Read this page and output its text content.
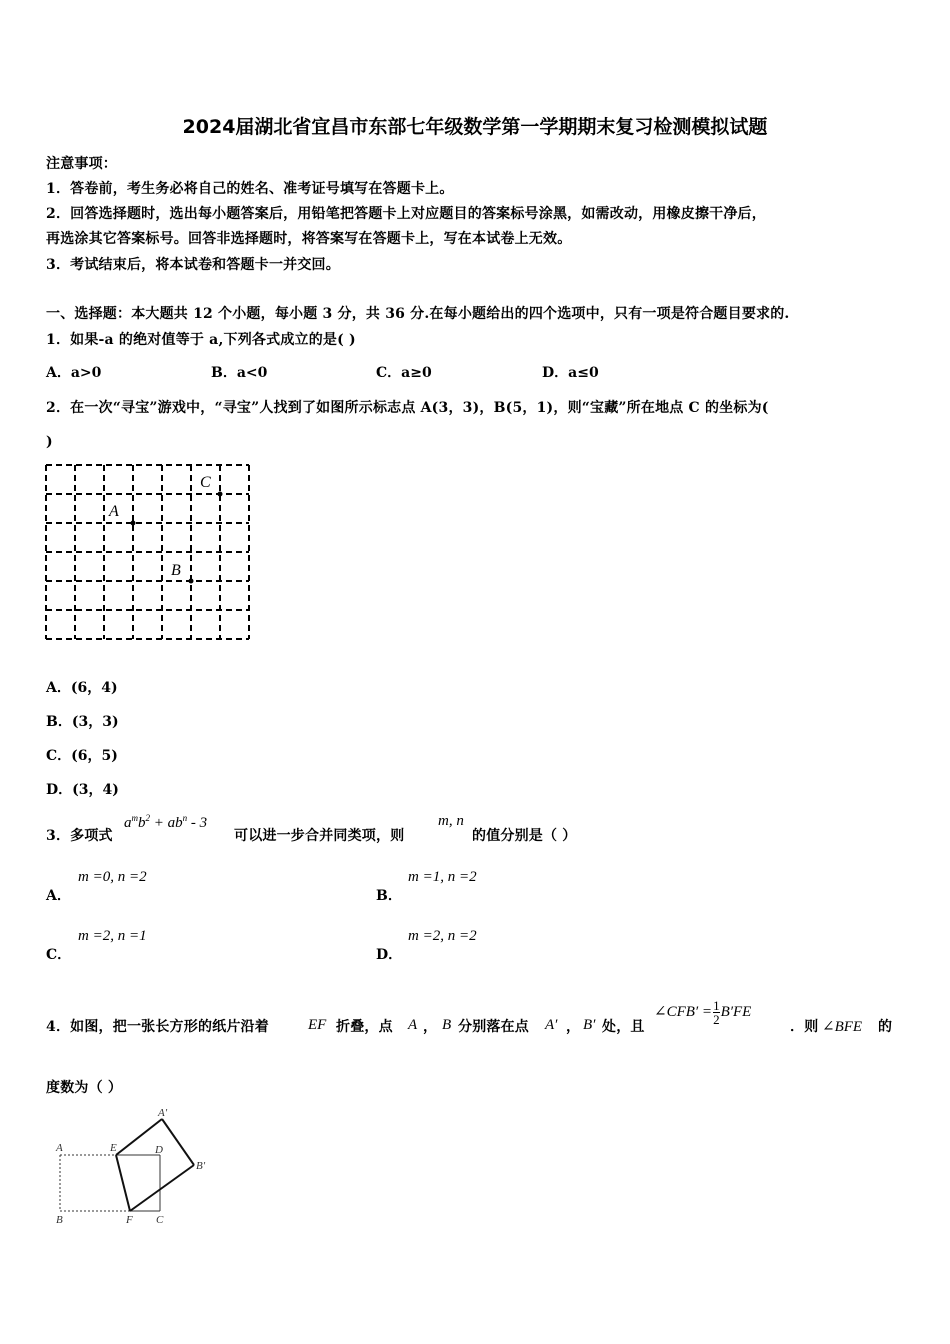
2024届湖北省宜昌市东部七年级数学第一学期期末复习检测模拟试题
注意事项：
1．答卷前，考生务必将自己的姓名、准考证号填写在答题卡上。
2．回答选择题时，选出每小题答案后，用铅笔把答题卡上对应题目的答案标号涂黑，如需改动，用橡皮擦干净后，
再选涂其它答案标号。回答非选择题时，将答案写在答题卡上，写在本试卷上无效。
3．考试结束后，将本试卷和答题卡一并交回。
一、选择题：本大题共 12 个小题，每小题 3 分，共 36 分.在每小题给出的四个选项中，只有一项是符合题目要求的.
1．如果-a 的绝对值等于 a,下列各式成立的是( )
A．a>0	B．a<0	C．a≥0	D．a≤0
2．在一次“寻宝”游戏中，“寻宝”人找到了如图所示标志点 A(3，3)，B(5，1)，则“宝藏”所在地点 C 的坐标为(
)
A
B
C
A．(6，4)
B．(3，3)
C．(6，5)
D．(3，4)
3．多项式
$a^mb^2 + ab^n - 3$
可以进一步合并同类项，则
m, n
的值分别是（ ）
A．
m =0, n =2
B．
m =1, n =2
C．
m =2, n =1
D．
m =2, n =2
4．如图，把一张长方形的纸片沿着	EF 折叠，点 A ， B 分别落在点 A′ ， B′ 处，且
∠CFB′ = $\frac{1}{2} B'FE$
．则 ∠BFE 的
度数为（ ）
A	E	D
A′
B′
B	F C
